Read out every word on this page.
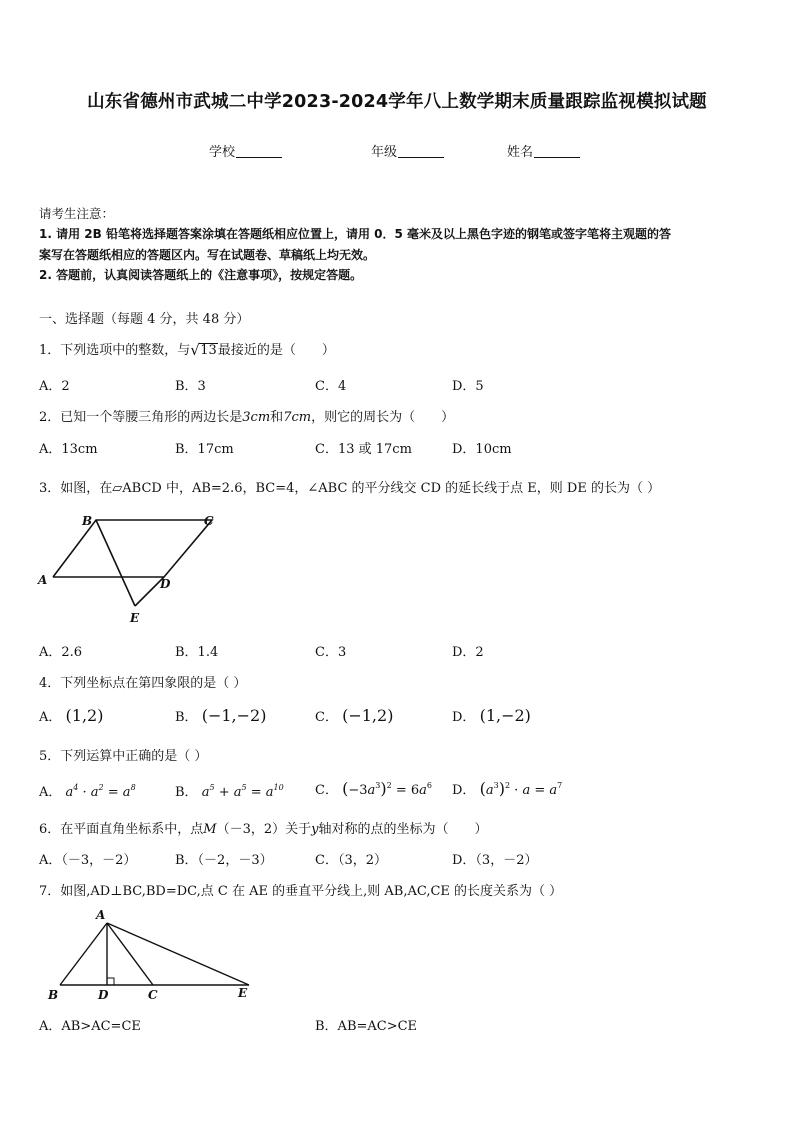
山东省德州市武城二中学2023-2024学年八上数学期末质量跟踪监视模拟试题
学校	年级	姓名
请考生注意：
1. 请用 2B 铅笔将选择题答案涂填在答题纸相应位置上，请用 0．5 毫米及以上黑色字迹的钢笔或签字笔将主观题的答
案写在答题纸相应的答题区内。写在试题卷、草稿纸上均无效。
2. 答题前，认真阅读答题纸上的《注意事项》，按规定答题。
一、选择题（每题 4 分，共 48 分）
1．下列选项中的整数，与 √ 13最接近的是（　　）
A．2	B．3	C．4	D．5
2．已知一个等腰三角形的两边长是3cm和7cm，则它的周长为（　　）
A．13cm	B．17cm	C．13 或 17cm	D．10cm
3．如图，在▱ABCD 中，AB=2.6，BC=4，∠ABC 的平分线交 CD 的延长线于点 E，则 DE 的长为（ ）
B	C
A	D
E
A．2.6	B．1.4	C．3	D．2
4．下列坐标点在第四象限的是（ ）
A． (1,2)	B． (−1,−2)	C． (−1,2)	D． (1,−2)
5．下列运算中正确的是（ ）
A． $a^4 \cdot a^2 = a^8$	B． $a^5 + a^5 = a^{10}$ C． $(-3a^3)^2 = 6a^6$ D． $(a^3)^2 \cdot a = a^7$
6．在平面直角坐标系中，点M（－3，2）关于y轴对称的点的坐标为（　　）
A．（－3，－2）	B．（－2，－3）	C．（3，2）	D．（3，－2）
7．如图,AD⊥BC,BD=DC,点 C 在 AE 的垂直平分线上,则 AB,AC,CE 的长度关系为（ ）
A
B	D	C	E
A．AB>AC=CE	B．AB=AC>CE
